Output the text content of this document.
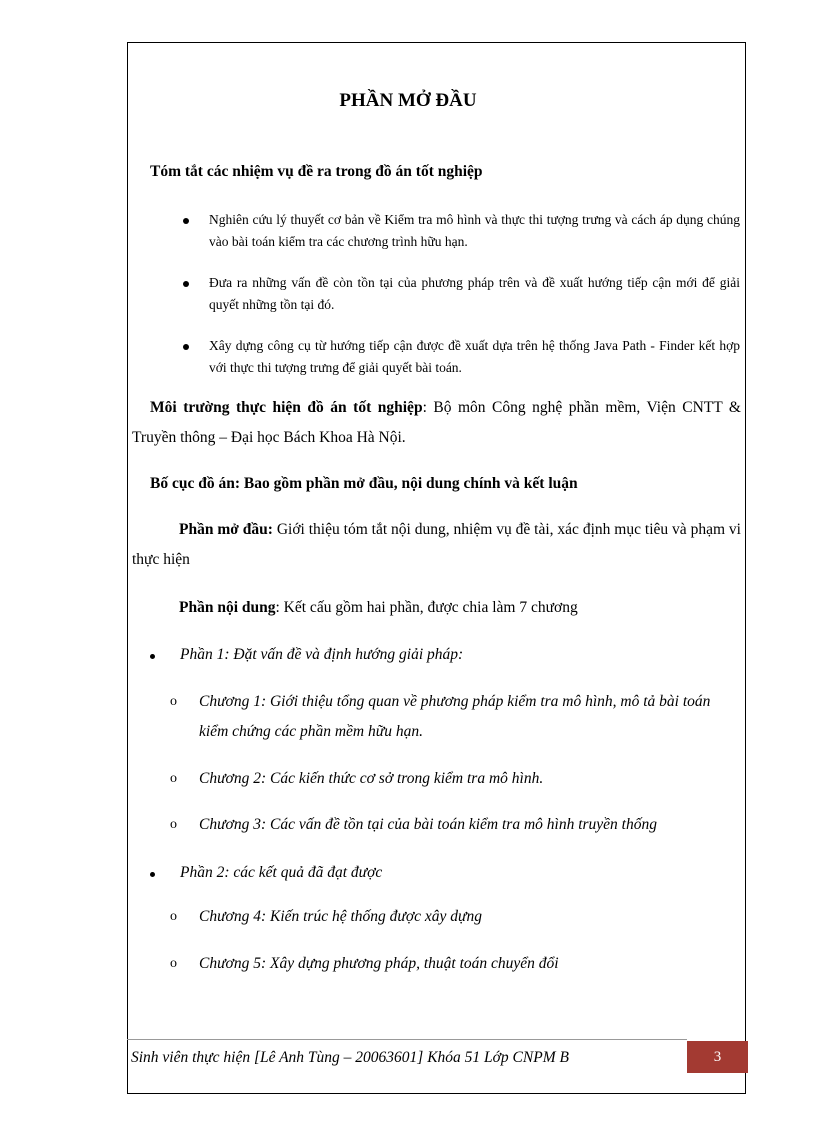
PHẦN MỞ ĐẦU
Tóm tắt các nhiệm vụ đề ra trong đồ án tốt nghiệp
Nghiên cứu lý thuyết cơ bản về Kiểm tra mô hình và thực thi tượng trưng và cách áp dụng chúng vào bài toán kiểm tra các chương trình hữu hạn.
Đưa ra những vấn đề còn tồn tại của phương pháp trên và đề xuất hướng tiếp cận mới để giải quyết những tồn tại đó.
Xây dựng công cụ từ hướng tiếp cận được đề xuất dựa trên hệ thống Java Path - Finder kết hợp với thực thi tượng trưng để giải quyết bài toán.
Môi trường thực hiện đồ án tốt nghiệp: Bộ môn Công nghệ phần mềm, Viện CNTT & Truyền thông – Đại học Bách Khoa Hà Nội.
Bố cục đồ án: Bao gồm phần mở đầu, nội dung chính và kết luận
Phần mở đầu: Giới thiệu tóm tắt nội dung, nhiệm vụ đề tài, xác định mục tiêu và phạm vi thực hiện
Phần nội dung: Kết cấu gồm hai phần, được chia làm 7 chương
Phần 1: Đặt vấn đề và định hướng giải pháp:
o Chương 1: Giới thiệu tổng quan về phương pháp kiểm tra mô hình, mô tả bài toán kiểm chứng các phần mềm hữu hạn.
o Chương 2: Các kiến thức cơ sở trong kiểm tra mô hình.
o Chương 3: Các vấn đề tồn tại của bài toán kiểm tra mô hình truyền thống
Phần 2: các kết quả đã đạt được
o Chương 4: Kiến trúc hệ thống được xây dựng
o Chương 5: Xây dựng phương pháp, thuật toán chuyển đổi
Sinh viên thực hiện [Lê Anh Tùng – 20063601] Khóa 51 Lớp CNPM B	3
